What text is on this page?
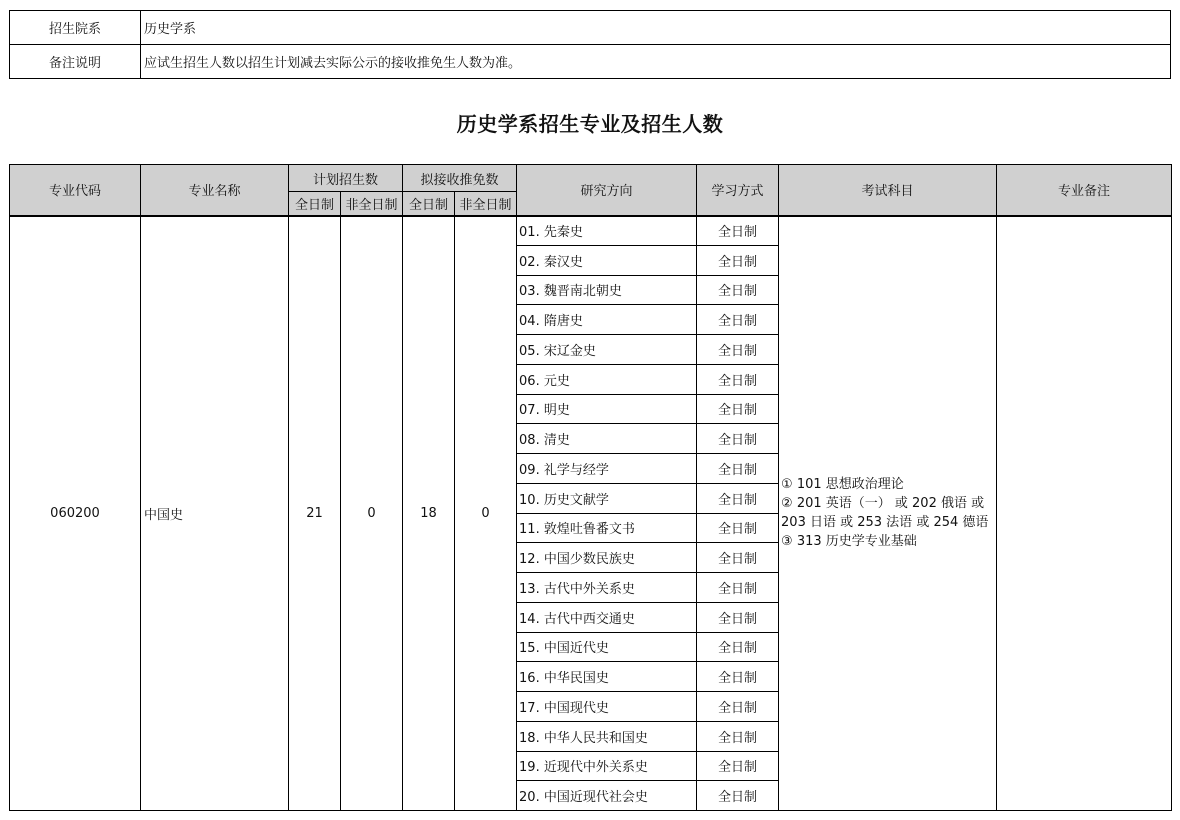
招生院系	历史学系
备注说明	应试生招生人数以招生计划减去实际公示的接收推免生人数为准。
历史学系招生专业及招生人数
专业代码	专业名称	计划招生数		拟接收推免数		研究方向	学习方式	考试科目	专业备注
		全日制	非全日制	全日制	非全日制				
060200	中国史	21	0	18	0	01. 先秦史	全日制	① 101 思想政治理论
② 201 英语（一） 或 202 俄语 或
203 日语 或 253 法语 或 254 德语
③ 313 历史学专业基础	

						02. 秦汉史	全日制		
						03. 魏晋南北朝史	全日制		
						04. 隋唐史	全日制		
						05. 宋辽金史	全日制		
						06. 元史	全日制		
						07. 明史	全日制		
						08. 清史	全日制		
						09. 礼学与经学	全日制		
						10. 历史文献学	全日制		
						11. 敦煌吐鲁番文书	全日制		
						12. 中国少数民族史	全日制		
						13. 古代中外关系史	全日制		
						14. 古代中西交通史	全日制		
						15. 中国近代史	全日制		
						16. 中华民国史	全日制		
						17. 中国现代史	全日制		
						18. 中华人民共和国史	全日制		
						19. 近现代中外关系史	全日制		
						20. 中国近现代社会史	全日制		
